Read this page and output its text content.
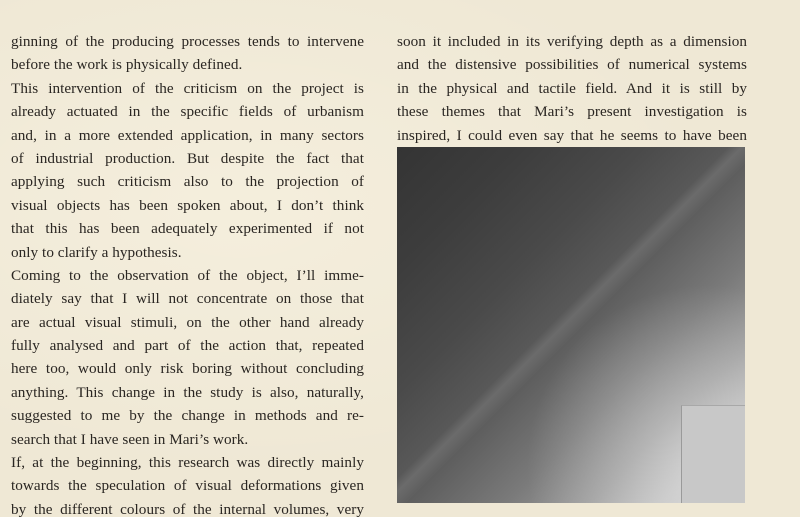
ginning of the producing processes tends to intervene
before the work is physically defined.
This intervention of the criticism on the project is
already actuated in the specific fields of urbanism
and, in a more extended application, in many sectors
of industrial production. But despite the fact that
applying such criticism also to the projection of
visual objects has been spoken about, I don’t think
that this has been adequately experimented if not
only to clarify a hypothesis.
Coming to the observation of the object, I’ll imme-
diately say that I will not concentrate on those that
are actual visual stimuli, on the other hand already
fully analysed and part of the action that, repeated
here too, would only risk boring without concluding
anything. This change in the study is also, naturally,
suggested to me by the change in methods and re-
search that I have seen in Mari’s work.
If, at the beginning, this research was directly mainly
towards the speculation of visual deformations given
by the different colours of the internal volumes, very
soon it included in its verifying depth as a dimension
and the distensive possibilities of numerical systems
in the physical and tactile field. And it is still by
these themes that Mari’s present investigation is
inspired, I could even say that he seems to have been
